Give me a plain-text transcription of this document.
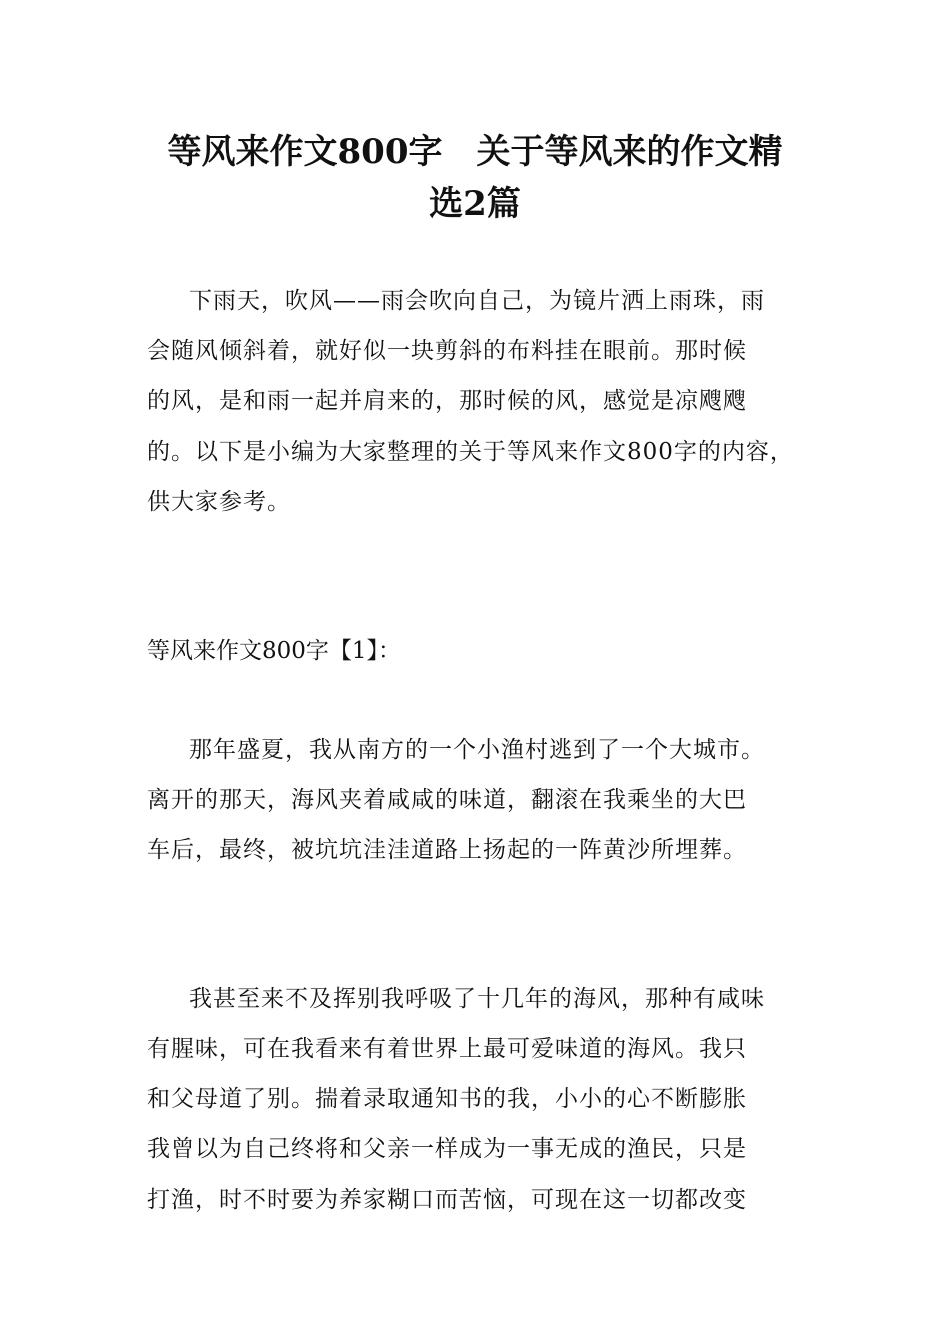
等风来作文800字　关于等风来的作文精
选2篇
下雨天，吹风——雨会吹向自己，为镜片洒上雨珠，雨
会随风倾斜着，就好似一块剪斜的布料挂在眼前。那时候
的风，是和雨一起并肩来的，那时候的风，感觉是凉飕飕
的。以下是小编为大家整理的关于等风来作文800字的内容，
供大家参考。
等风来作文800字【1】：
那年盛夏，我从南方的一个小渔村逃到了一个大城市。
离开的那天，海风夹着咸咸的味道，翻滚在我乘坐的大巴
车后，最终，被坑坑洼洼道路上扬起的一阵黄沙所埋葬。
我甚至来不及挥别我呼吸了十几年的海风，那种有咸味
有腥味，可在我看来有着世界上最可爱味道的海风。我只
和父母道了别。揣着录取通知书的我，小小的心不断膨胀
我曾以为自己终将和父亲一样成为一事无成的渔民，只是
打渔，时不时要为养家糊口而苦恼，可现在这一切都改变
